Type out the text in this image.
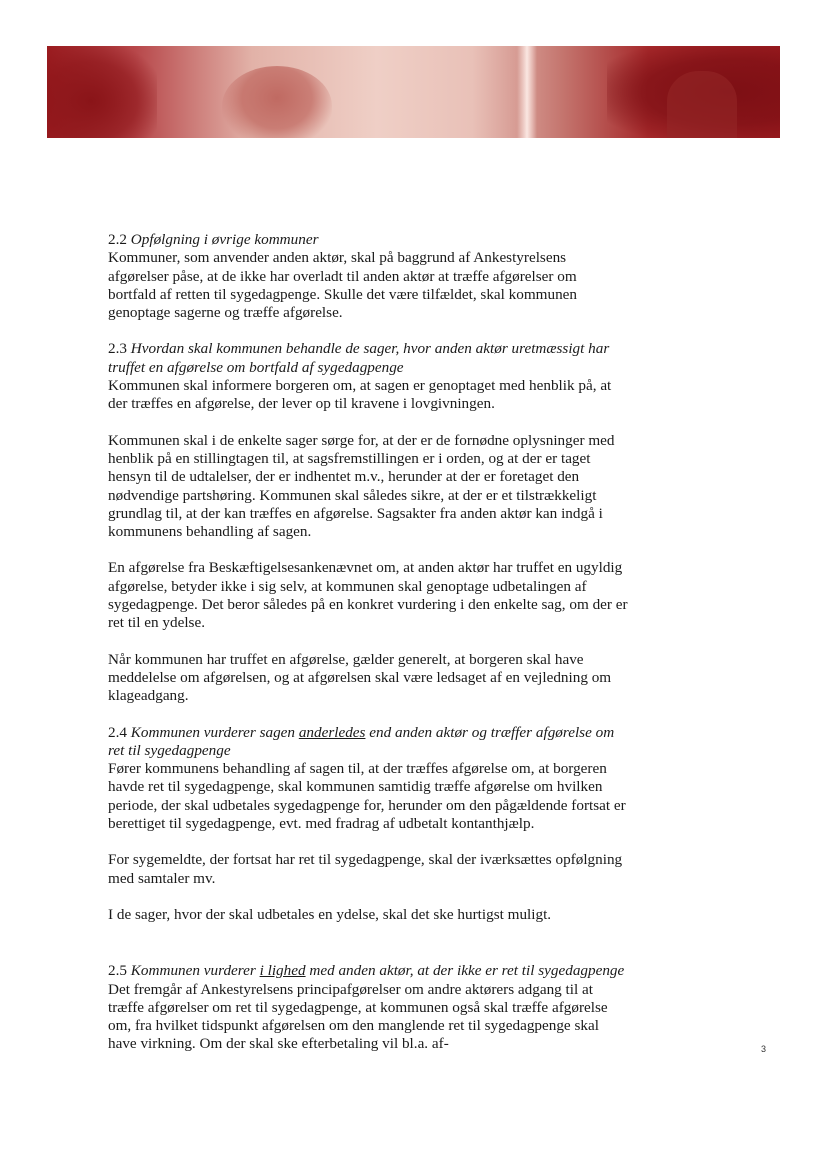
2.2 Opfølgning i øvrige kommuner

Kommuner, som anvender anden aktør, skal på baggrund af Ankestyrelsens afgørelser påse, at de ikke har overladt til anden aktør at træffe afgørelser om bortfald af retten til sygedagpenge. Skulle det være tilfældet, skal kommunen genoptage sagerne og træffe afgørelse.

2.3 Hvordan skal kommunen behandle de sager, hvor anden aktør uretmæssigt har truffet en afgørelse om bortfald af sygedagpenge

Kommunen skal informere borgeren om, at sagen er genoptaget med henblik på, at der træffes en afgørelse, der lever op til kravene i lovgivningen.

Kommunen skal i de enkelte sager sørge for, at der er de fornødne oplysninger med henblik på en stillingtagen til, at sagsfremstillingen er i orden, og at der er taget hensyn til de udtalelser, der er indhentet m.v., herunder at der er foretaget den nødvendige partshøring. Kommunen skal således sikre, at der er et tilstrækkeligt grundlag til, at der kan træffes en afgørelse. Sagsakter fra anden aktør kan indgå i kommunens behandling af sagen.

En afgørelse fra Beskæftigelsesankenævnet om, at anden aktør har truffet en ugyldig afgørelse, betyder ikke i sig selv, at kommunen skal genoptage udbetalingen af sygedagpenge. Det beror således på en konkret vurdering i den enkelte sag, om der er ret til en ydelse.

Når kommunen har truffet en afgørelse, gælder generelt, at borgeren skal have meddelelse om afgørelsen, og at afgørelsen skal være ledsaget af en vejledning om klageadgang.

2.4 Kommunen vurderer sagen anderledes end anden aktør og træffer afgørelse om ret til sygedagpenge

Fører kommunens behandling af sagen til, at der træffes afgørelse om, at borgeren havde ret til sygedagpenge, skal kommunen samtidig træffe afgørelse om hvilken periode, der skal udbetales sygedagpenge for, herunder om den pågældende fortsat er berettiget til sygedagpenge, evt. med fradrag af udbetalt kontanthjælp.

For sygemeldte, der fortsat har ret til sygedagpenge, skal der iværksættes opfølgning med samtaler mv.

I de sager, hvor der skal udbetales en ydelse, skal det ske hurtigst muligt.

2.5 Kommunen vurderer i lighed med anden aktør, at der ikke er ret til sygedagpenge

Det fremgår af Ankestyrelsens principafgørelser om andre aktørers adgang til at træffe afgørelser om ret til sygedagpenge, at kommunen også skal træffe afgørelse om, fra hvilket tidspunkt afgørelsen om den manglende ret til sygedagpenge skal have virkning. Om der skal ske efterbetaling vil bl.a. af-	3
